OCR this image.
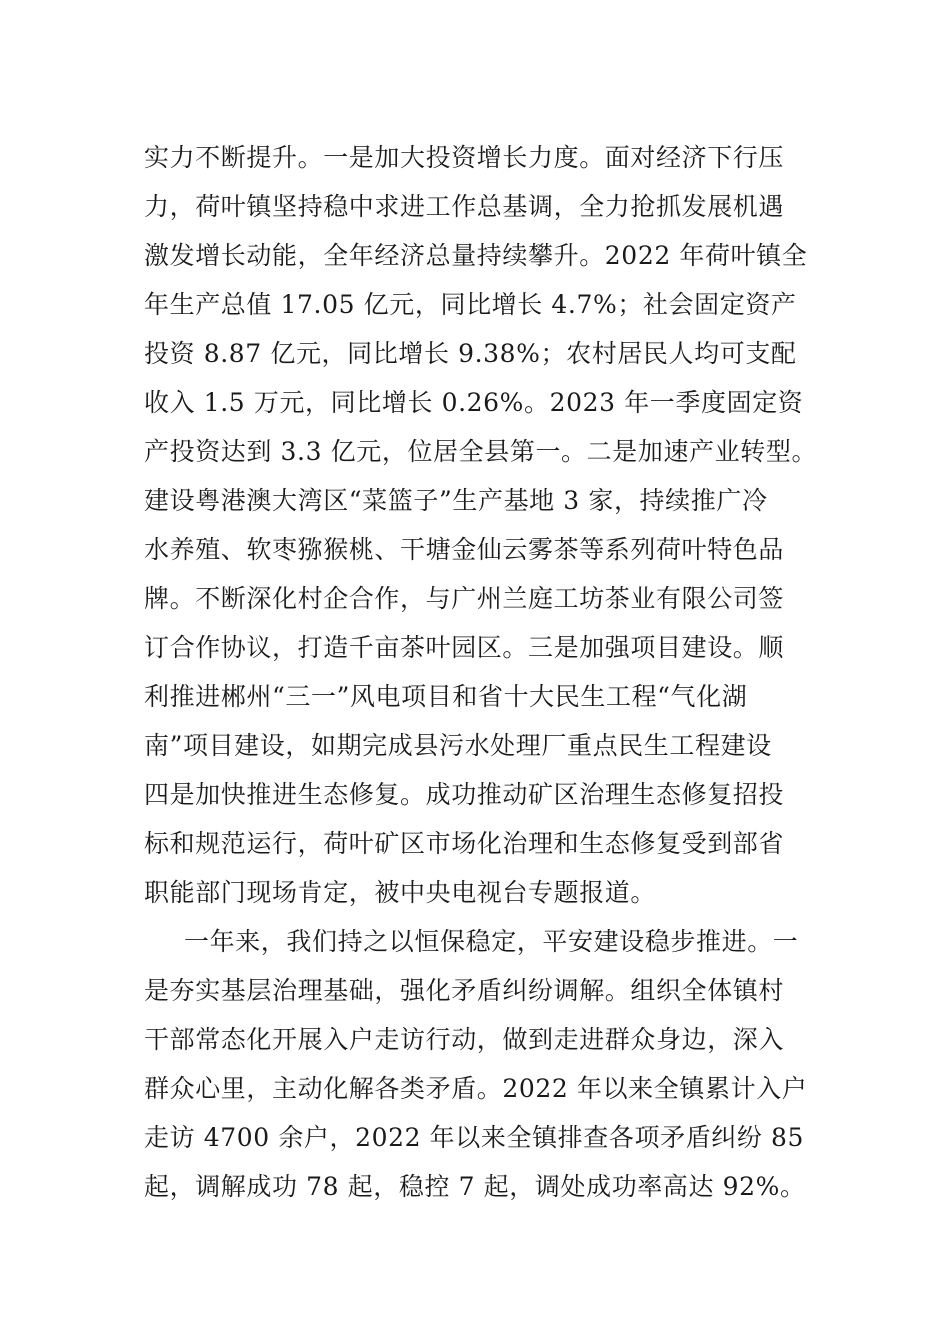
实力不断提升。一是加大投资增长力度。面对经济下行压
力，荷叶镇坚持稳中求进工作总基调，全力抢抓发展机遇
激发增长动能，全年经济总量持续攀升。2022 年荷叶镇全
年生产总值 17.05 亿元，同比增长 4.7%；社会固定资产
投资 8.87 亿元，同比增长 9.38%；农村居民人均可支配
收入 1.5 万元，同比增长 0.26%。2023 年一季度固定资
产投资达到 3.3 亿元，位居全县第一。二是加速产业转型。
建设粤港澳大湾区“菜篮子”生产基地 3 家，持续推广冷
水养殖、软枣猕猴桃、干塘金仙云雾茶等系列荷叶特色品
牌。不断深化村企合作，与广州兰庭工坊茶业有限公司签
订合作协议，打造千亩茶叶园区。三是加强项目建设。顺
利推进郴州“三一”风电项目和省十大民生工程“气化湖
南”项目建设，如期完成县污水处理厂重点民生工程建设
四是加快推进生态修复。成功推动矿区治理生态修复招投
标和规范运行，荷叶矿区市场化治理和生态修复受到部省
职能部门现场肯定，被中央电视台专题报道。
一年来，我们持之以恒保稳定，平安建设稳步推进。一
是夯实基层治理基础，强化矛盾纠纷调解。组织全体镇村
干部常态化开展入户走访行动，做到走进群众身边，深入
群众心里，主动化解各类矛盾。2022 年以来全镇累计入户
走访 4700 余户，2022 年以来全镇排查各项矛盾纠纷 85
起，调解成功 78 起，稳控 7 起，调处成功率高达 92%。
